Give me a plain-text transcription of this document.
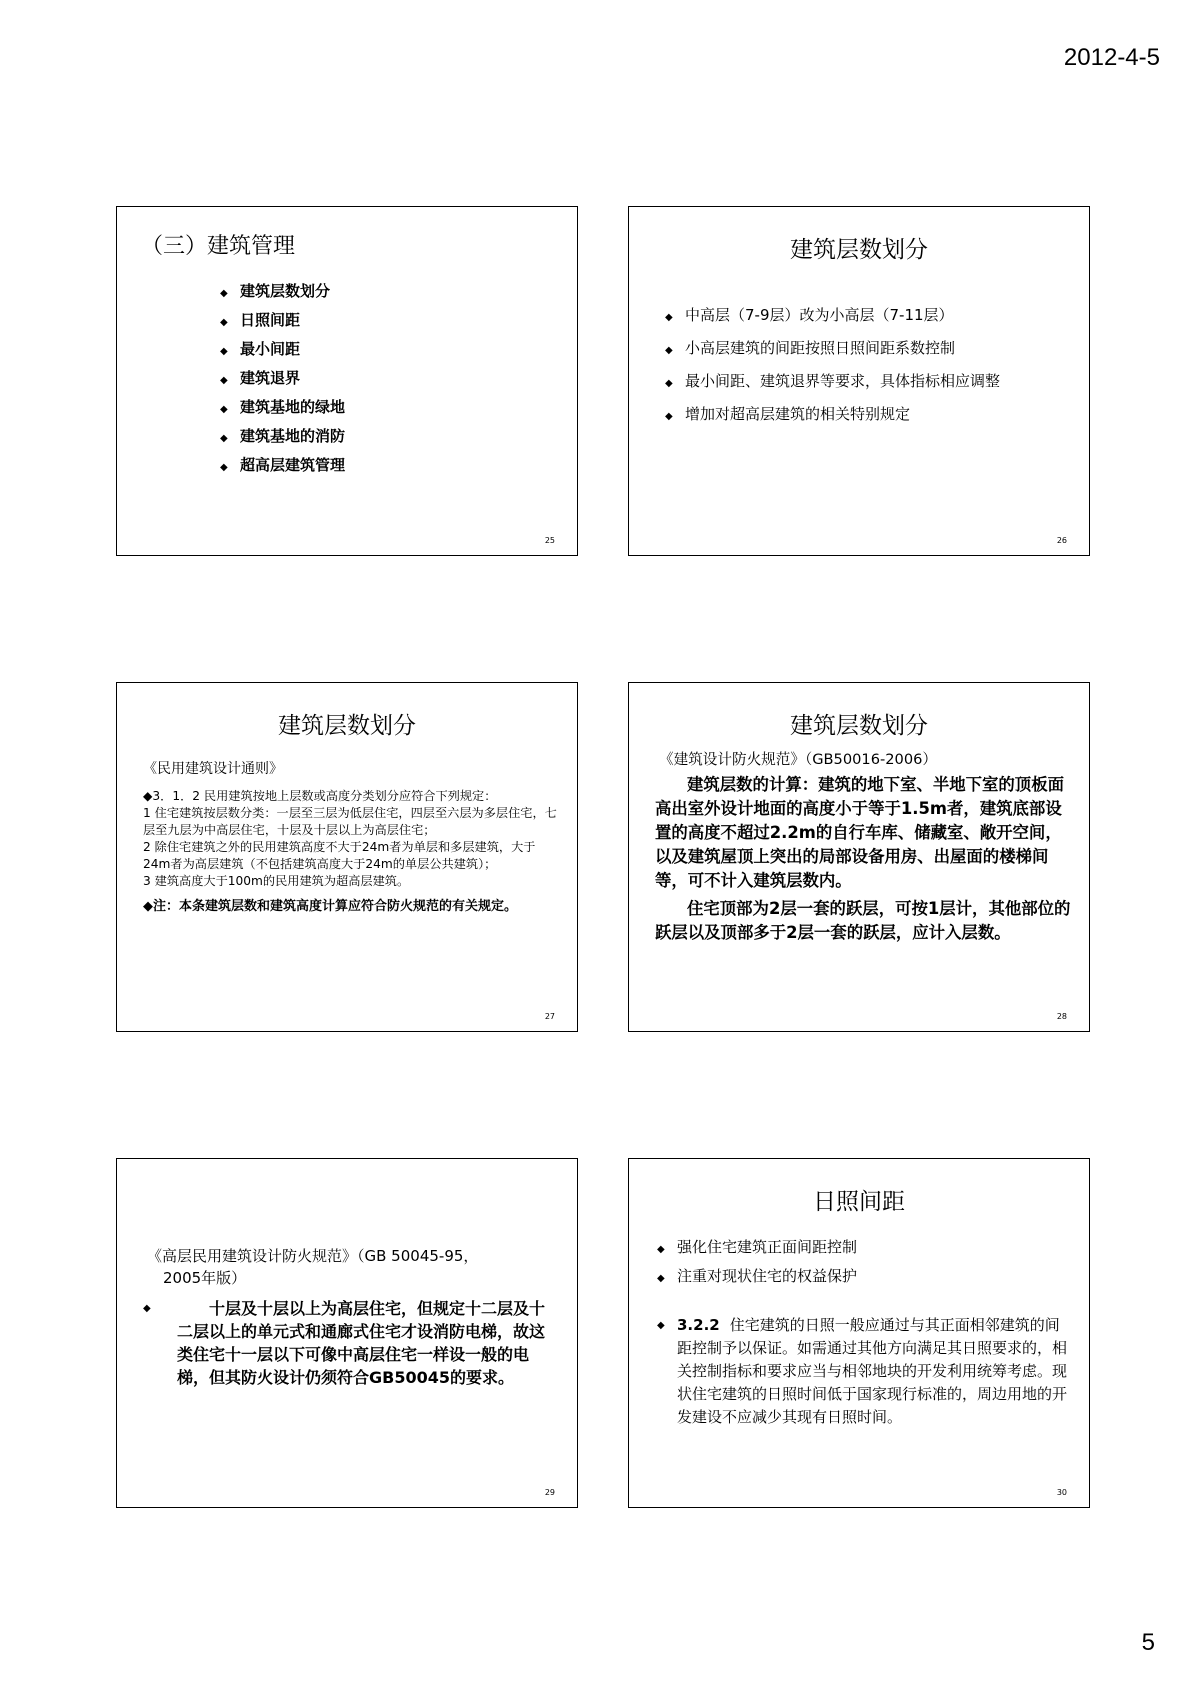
2012-4-5
（三）建筑管理
◆ 建筑层数划分
◆ 日照间距
◆ 最小间距
◆ 建筑退界
◆ 建筑基地的绿地
◆ 建筑基地的消防
◆ 超高层建筑管理
25
建筑层数划分
◆ 中高层（7-9层）改为小高层（7-11层）
◆ 小高层建筑的间距按照日照间距系数控制
◆ 最小间距、建筑退界等要求，具体指标相应调整
◆ 增加对超高层建筑的相关特别规定
26
建筑层数划分
《民用建筑设计通则》

◆3．1．2 民用建筑按地上层数或高度分类划分应符合下列规定：

1 住宅建筑按层数分类：一层至三层为低层住宅，四层至六层为多层住宅，七层至九层为中高层住宅，十层及十层以上为高层住宅；

2 除住宅建筑之外的民用建筑高度不大于24m者为单层和多层建筑，大于24m者为高层建筑（不包括建筑高度大于24m的单层公共建筑）；

3 建筑高度大于100m的民用建筑为超高层建筑。

◆注：本条建筑层数和建筑高度计算应符合防火规范的有关规定。
27
建筑层数划分
《建筑设计防火规范》（GB50016-2006）
建筑层数的计算：建筑的地下室、半地下室的顶板面高出室外设计地面的高度小于等于1.5m者，建筑底部设置的高度不超过2.2m的自行车库、储藏室、敞开空间，以及建筑屋顶上突出的局部设备用房、出屋面的楼梯间等，可不计入建筑层数内。
住宅顶部为2层一套的跃层，可按1层计，其他部位的跃层以及顶部多于2层一套的跃层，应计入层数。
28
《高层民用建筑设计防火规范》（GB 50045-95，
2005年版）
◆	十层及十层以上为高层住宅，但规定十二层及十二层以上的单元式和通廊式住宅才设消防电梯，故这类住宅十一层以下可像中高层住宅一样设一般的电梯，但其防火设计仍须符合GB50045的要求。
29
日照间距
◆ 强化住宅建筑正面间距控制
◆ 注重对现状住宅的权益保护
◆ 3.2.2 住宅建筑的日照一般应通过与其正面相邻建筑的间距控制予以保证。如需通过其他方向满足其日照要求的，相关控制指标和要求应当与相邻地块的开发利用统筹考虑。现状住宅建筑的日照时间低于国家现行标准的，周边用地的开发建设不应减少其现有日照时间。
30
5
